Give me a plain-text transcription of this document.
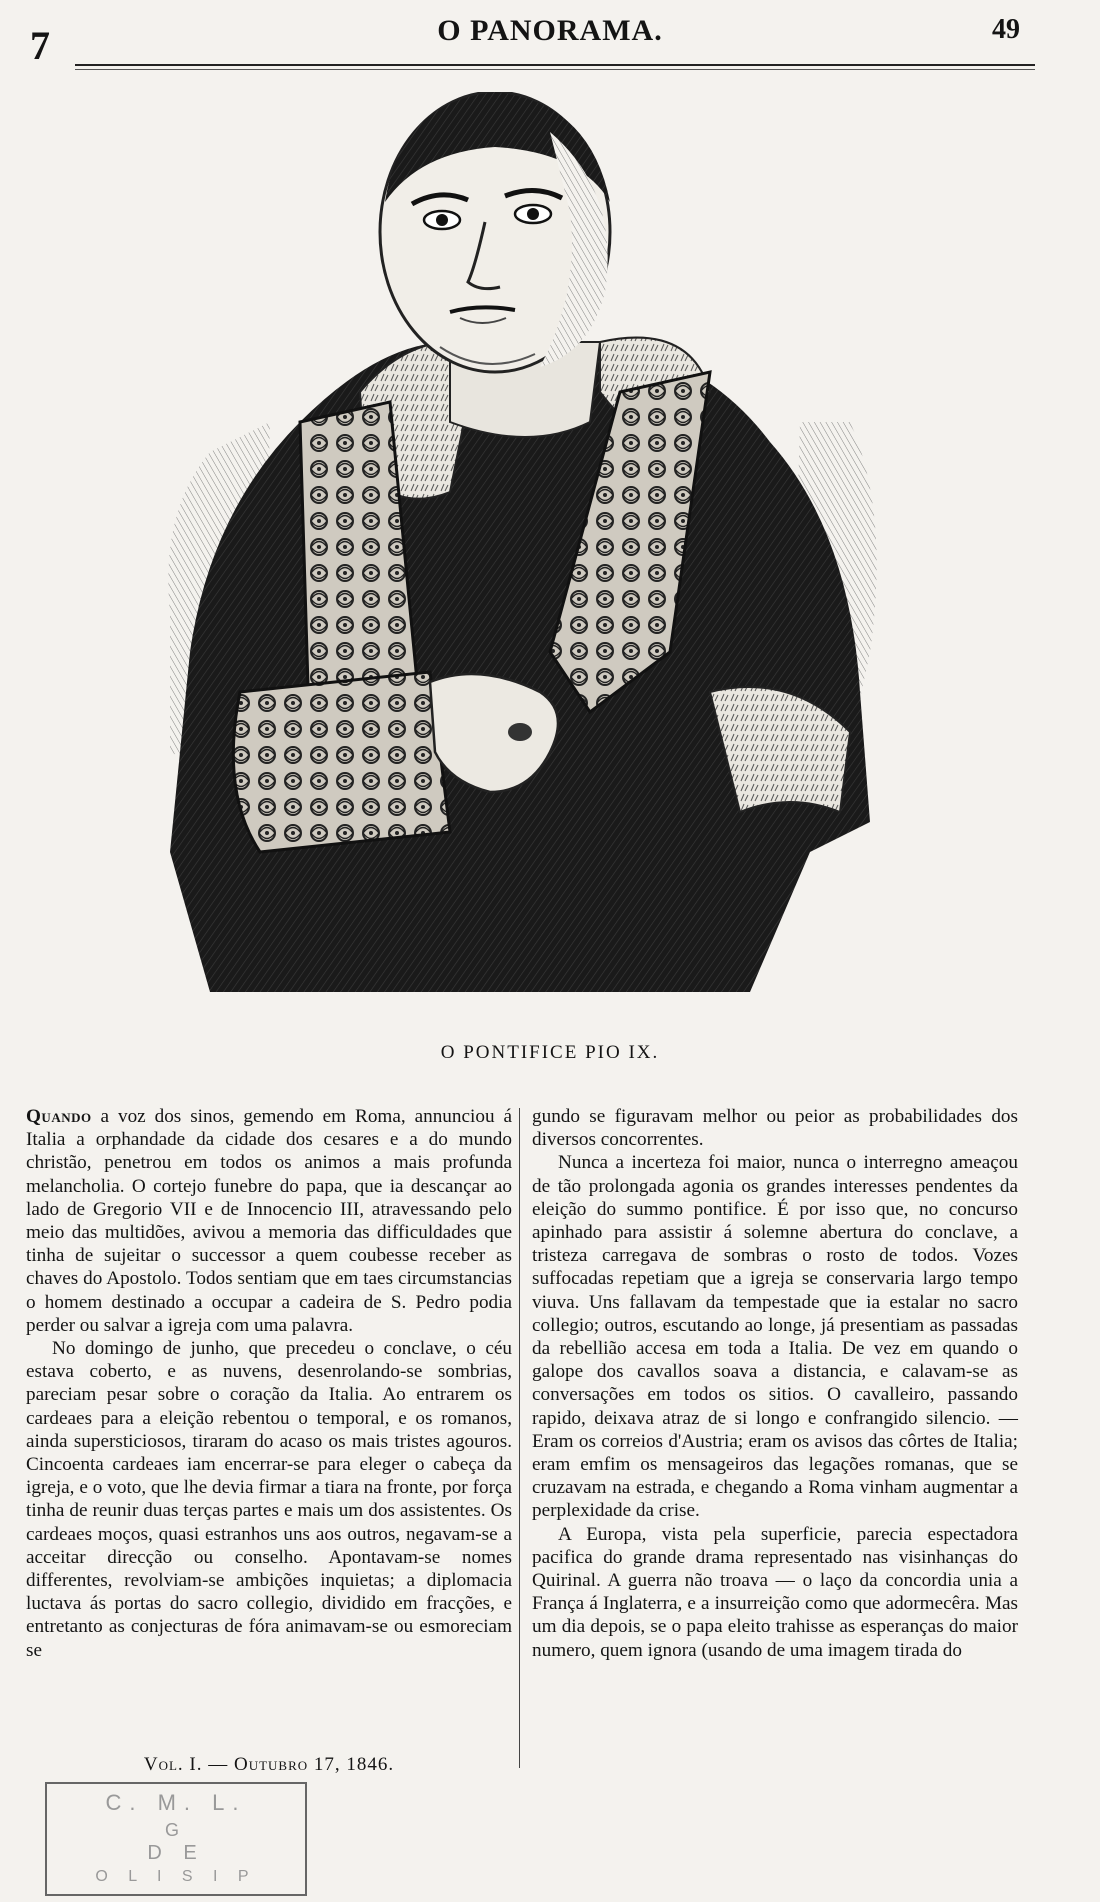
7	O PANORAMA.	49
O PONTIFICE PIO IX.

Quando a voz dos sinos, gemendo em Roma, annunciou á Italia a orphandade da cidade dos cesares e a do mundo christão, penetrou em todos os animos a mais profunda melancholia. O cortejo funebre do papa, que ia descançar ao lado de Gregorio VII e de Innocencio III, atravessando pelo meio das multidões, avivou a memoria das difficuldades que tinha de sujeitar o successor a quem coubesse receber as chaves do Apostolo. Todos sentiam que em taes circumstancias o homem destinado a occupar a cadeira de S. Pedro podia perder ou salvar a igreja com uma palavra.

No domingo de junho, que precedeu o conclave, o céu estava coberto, e as nuvens, desenrolando-se sombrias, pareciam pesar sobre o coração da Italia. Ao entrarem os cardeaes para a eleição rebentou o temporal, e os romanos, ainda supersticiosos, tiraram do acaso os mais tristes agouros. Cincoenta cardeaes iam encerrar-se para eleger o cabeça da igreja, e o voto, que lhe devia firmar a tiara na fronte, por força tinha de reunir duas terças partes e mais um dos assistentes. Os cardeaes moços, quasi estranhos uns aos outros, negavam-se a acceitar direcção ou conselho. Apontavam-se nomes differentes, revolviam-se ambições inquietas; a diplomacia luctava ás portas do sacro collegio, dividido em fracções, e entretanto as conjecturas de fóra animavam-se ou esmoreciam se

gundo se figuravam melhor ou peior as probabilidades dos diversos concorrentes.

Nunca a incerteza foi maior, nunca o interregno ameaçou de tão prolongada agonia os grandes interesses pendentes da eleição do summo pontifice. É por isso que, no concurso apinhado para assistir á solemne abertura do conclave, a tristeza carregava de sombras o rosto de todos. Vozes suffocadas repetiam que a igreja se conservaria largo tempo viuva. Uns fallavam da tempestade que ia estalar no sacro collegio; outros, escutando ao longe, já presentiam as passadas da rebellião accesa em toda a Italia. De vez em quando o galope dos cavallos soava a distancia, e calavam-se as conversações em todos os sitios. O cavalleiro, passando rapido, deixava atraz de si longo e confrangido silencio. — Eram os correios d'Austria; eram os avisos das côrtes de Italia; eram emfim os mensageiros das legações romanas, que se cruzavam na estrada, e chegando a Roma vinham augmentar a perplexidade da crise.

A Europa, vista pela superficie, parecia espectadora pacifica do grande drama representado nas visinhanças do Quirinal. A guerra não troava — o laço da concordia unia a França á Inglaterra, e a insurreição como que adormecêra. Mas um dia depois, se o papa eleito trahisse as esperanças do maior numero, quem ignora (usando de uma imagem tirada do

Vol. I. — Outubro 17, 1846.
C. M. L.
G
D E
O L I S I P
